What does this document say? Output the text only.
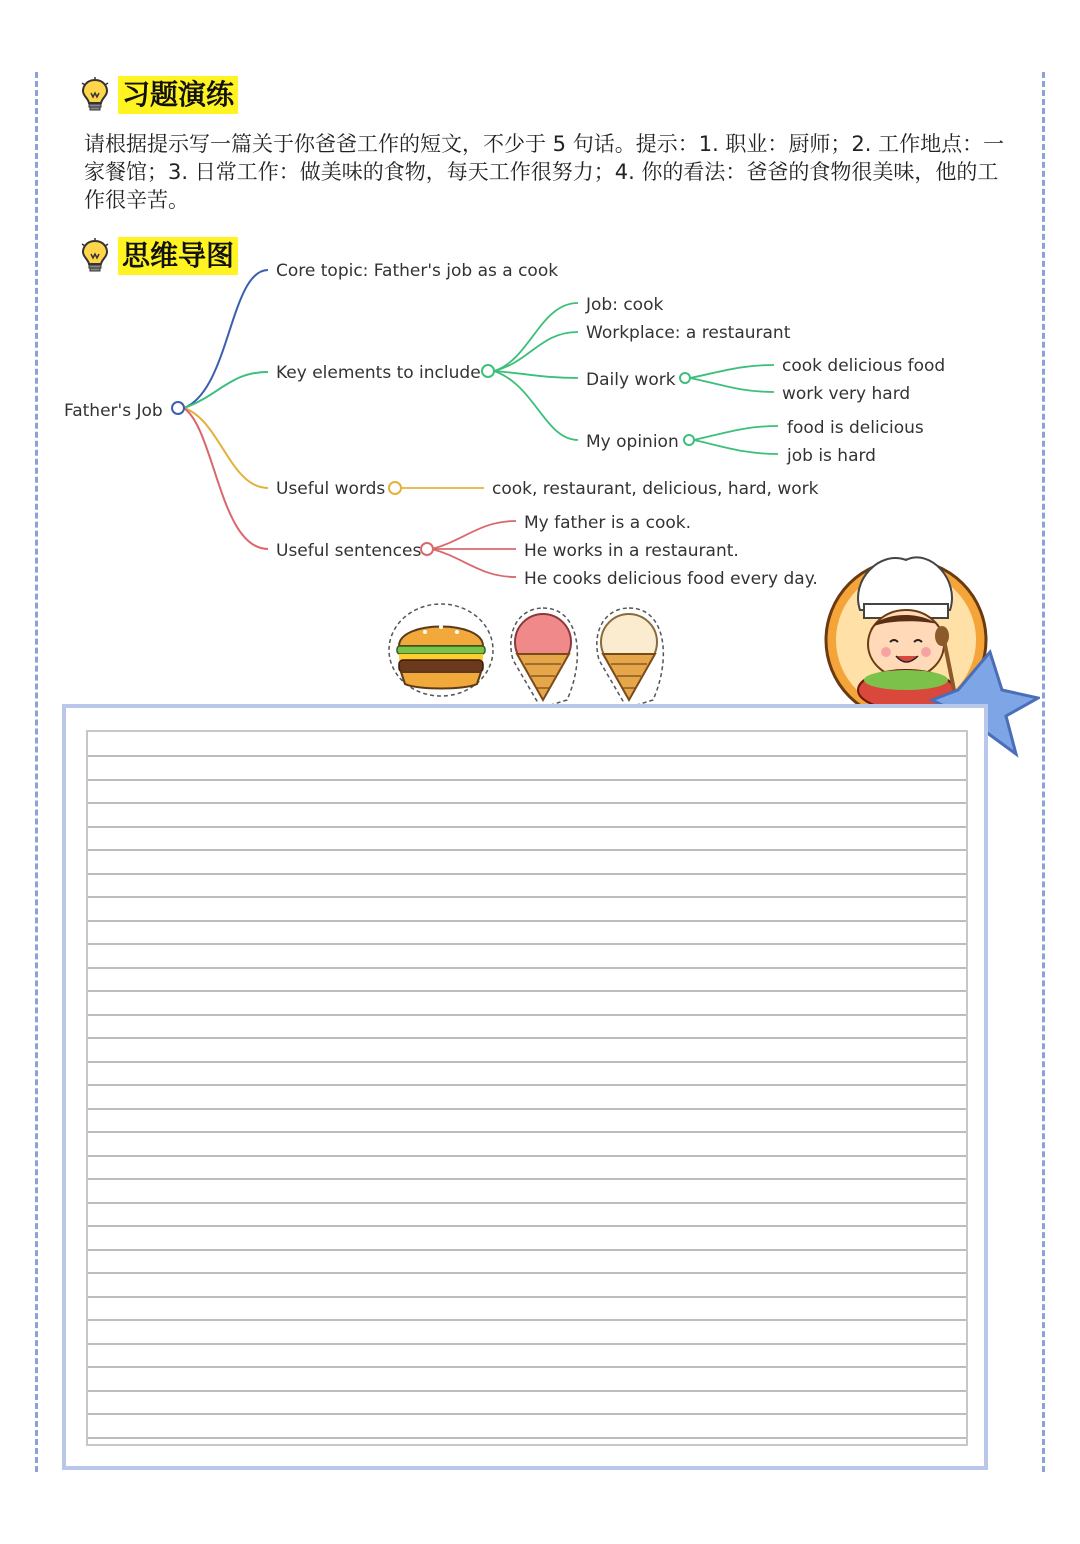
习题演练
请根据提示写一篇关于你爸爸工作的短文，不少于 5 句话。提示：1. 职业：厨师；2. 工作地点：一家餐馆；3. 日常工作：做美味的食物，每天工作很努力；4. 你的看法：爸爸的食物很美味，他的工作很辛苦。
思维导图
Father's Job
Core topic: Father's job as a cook
Key elements to include
Job: cook
Workplace: a restaurant
Daily work
cook delicious food
work very hard
My opinion
food is delicious
job is hard
Useful words	cook, restaurant, delicious, hard, work
Useful sentences
My father is a cook.
He works in a restaurant.
He cooks delicious food every day.
